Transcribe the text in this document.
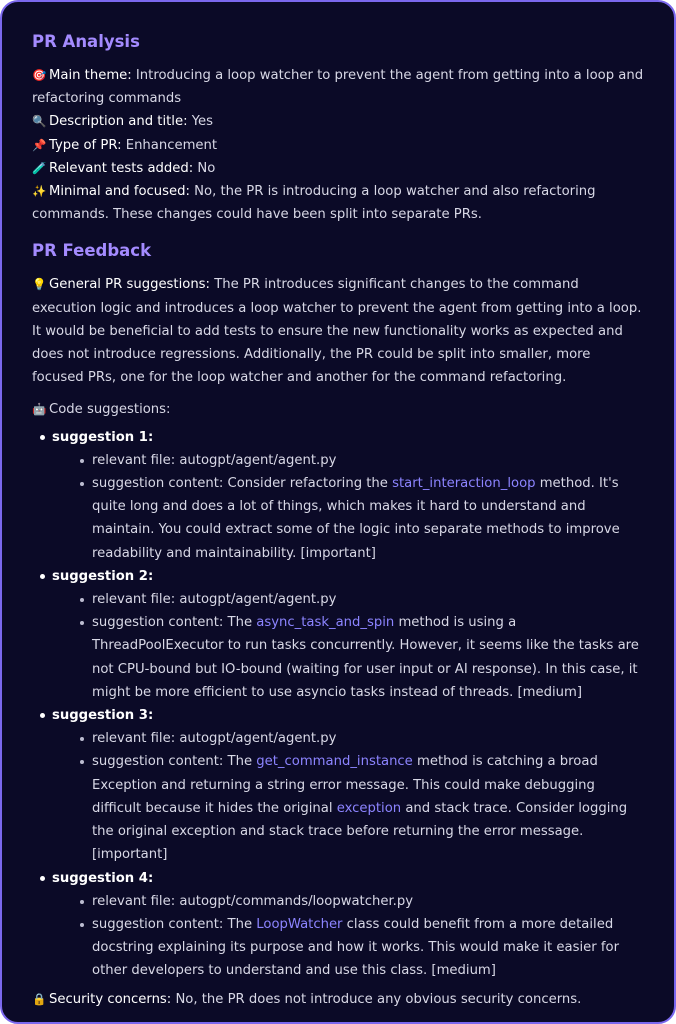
PR Analysis

🎯 Main theme: Introducing a loop watcher to prevent the agent from getting into a loop and refactoring commands

🔍 Description and title: Yes

📌 Type of PR: Enhancement

🧪 Relevant tests added: No

✨ Minimal and focused: No, the PR is introducing a loop watcher and also refactoring commands. These changes could have been split into separate PRs.

PR Feedback

💡 General PR suggestions: The PR introduces significant changes to the command execution logic and introduces a loop watcher to prevent the agent from getting into a loop. It would be beneficial to add tests to ensure the new functionality works as expected and does not introduce regressions. Additionally, the PR could be split into smaller, more focused PRs, one for the loop watcher and another for the command refactoring.

🤖 Code suggestions:

suggestion 1:
relevant file: autogpt/agent/agent.py
suggestion content: Consider refactoring the start_interaction_loop method. It's quite long and does a lot of things, which makes it hard to understand and maintain. You could extract some of the logic into separate methods to improve readability and maintainability. [important]
suggestion 2:
relevant file: autogpt/agent/agent.py
suggestion content: The async_task_and_spin method is using a ThreadPoolExecutor to run tasks concurrently. However, it seems like the tasks are not CPU-bound but IO-bound (waiting for user input or AI response). In this case, it might be more efficient to use asyncio tasks instead of threads. [medium]
suggestion 3:
relevant file: autogpt/agent/agent.py
suggestion content: The get_command_instance method is catching a broad Exception and returning a string error message. This could make debugging difficult because it hides the original exception and stack trace. Consider logging the original exception and stack trace before returning the error message. [important]
suggestion 4:
relevant file: autogpt/commands/loopwatcher.py
suggestion content: The LoopWatcher class could benefit from a more detailed docstring explaining its purpose and how it works. This would make it easier for other developers to understand and use this class. [medium]

🔒 Security concerns: No, the PR does not introduce any obvious security concerns.
